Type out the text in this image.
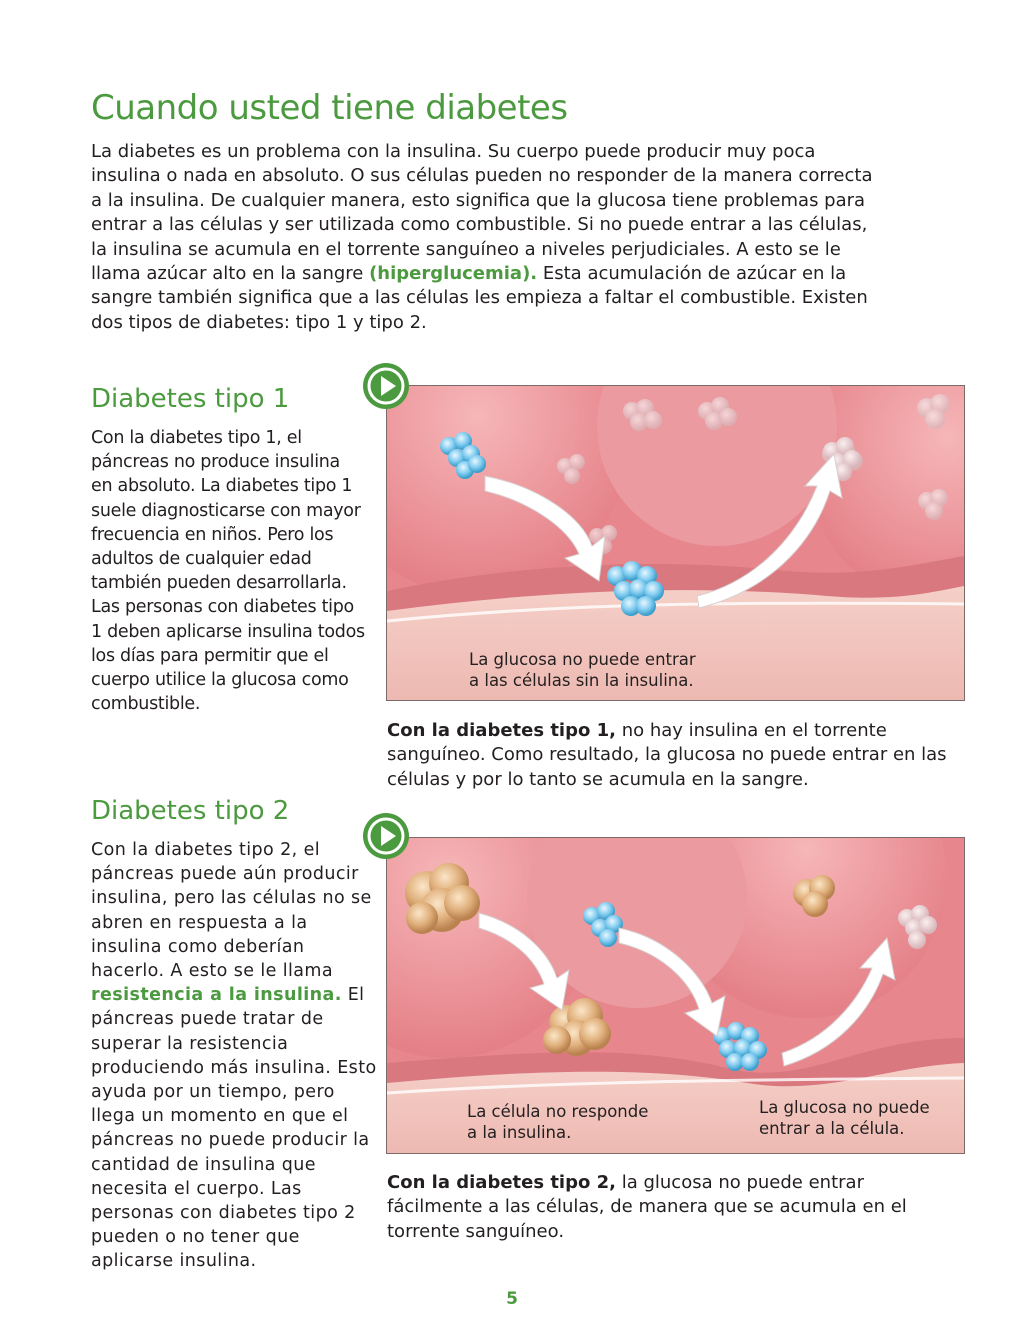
Cuando usted tiene diabetes

La diabetes es un problema con la insulina. Su cuerpo puede producir muy poca insulina o nada en absoluto. O sus células pueden no responder de la manera correcta a la insulina. De cualquier manera, esto significa que la glucosa tiene problemas para entrar a las células y ser utilizada como combustible. Si no puede entrar a las células, la insulina se acumula en el torrente sanguíneo a niveles perjudiciales. A esto se le llama azúcar alto en la sangre (hiperglucemia). Esta acumulación de azúcar en la sangre también significa que a las células les empieza a faltar el combustible. Existen dos tipos de diabetes: tipo 1 y tipo 2.

Diabetes tipo 1

Con la diabetes tipo 1, el páncreas no produce insulina en absoluto. La diabetes tipo 1 suele diagnosticarse con mayor frecuencia en niños. Pero los adultos de cualquier edad también pueden desarrollarla. Las personas con diabetes tipo 1 deben aplicarse insulina todos los días para permitir que el cuerpo utilice la glucosa como combustible.

La glucosa no puede entrar
a las células sin la insulina.

Con la diabetes tipo 1, no hay insulina en el torrente sanguíneo. Como resultado, la glucosa no puede entrar en las células y por lo tanto se acumula en la sangre.

Diabetes tipo 2

Con la diabetes tipo 2, el páncreas puede aún producir insulina, pero las células no se abren en respuesta a la insulina como deberían hacerlo. A esto se le llama resistencia a la insulina. El páncreas puede tratar de superar la resistencia produciendo más insulina. Esto ayuda por un tiempo, pero llega un momento en que el páncreas no puede producir la cantidad de insulina que necesita el cuerpo. Las personas con diabetes tipo 2 pueden o no tener que aplicarse insulina.

La célula no responde
a la insulina.
La glucosa no puede
entrar a la célula.

Con la diabetes tipo 2, la glucosa no puede entrar fácilmente a las células, de manera que se acumula en el torrente sanguíneo.

5
